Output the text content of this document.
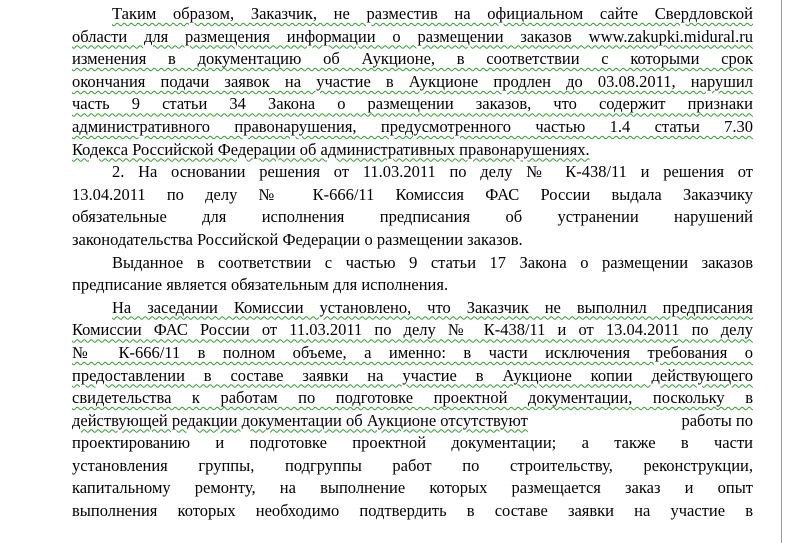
Таким образом, Заказчик, не разместив на официальном сайте Свердловской
области для размещения информации о размещении заказов www.zakupki.midural.ru
изменения в документацию об Аукционе, в соответствии с которыми срок
окончания подачи заявок на участие в Аукционе продлен до 03.08.2011, нарушил
часть 9 статьи 34 Закона о размещении заказов, что содержит признаки
административного правонарушения, предусмотренного частью 1.4 статьи 7.30
Кодекса Российской Федерации об административных правонарушениях.
2. На основании решения от 11.03.2011 по делу № К-438/11 и решения от
13.04.2011 по делу № К-666/11 Комиссия ФАС России выдала Заказчику
обязательные для исполнения предписания об устранении нарушений
законодательства Российской Федерации о размещении заказов.
Выданное в соответствии с частью 9 статьи 17 Закона о размещении заказов
предписание является обязательным для исполнения.
На заседании Комиссии установлено, что Заказчик не выполнил предписания
Комиссии ФАС России от 11.03.2011 по делу № К-438/11 и от 13.04.2011 по делу
№ К-666/11 в полном объеме, а именно: в части исключения требования о
предоставлении в составе заявки на участие в Аукционе копии действующего
свидетельства к работам по подготовке проектной документации, поскольку в
действующей редакции документации об Аукционе отсутствуют	работы по
проектированию и подготовке проектной документации; а также в части
установления группы, подгруппы работ по строительству, реконструкции,
капитальному ремонту, на выполнение которых размещается заказ и опыт
выполнения которых необходимо подтвердить в составе заявки на участие в
